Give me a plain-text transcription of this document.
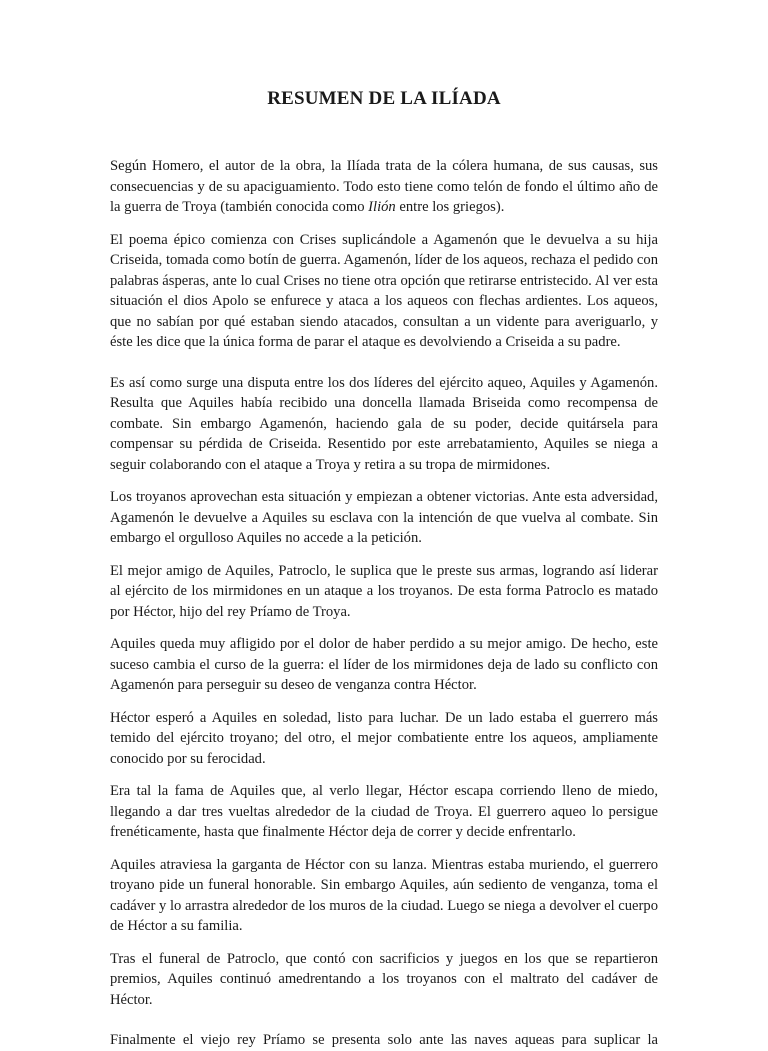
RESUMEN DE LA ILÍADA

Según Homero, el autor de la obra, la Ilíada trata de la cólera humana, de sus causas, sus consecuencias y de su apaciguamiento. Todo esto tiene como telón de fondo el último año de la guerra de Troya (también conocida como Ilión entre los griegos).

El poema épico comienza con Crises suplicándole a Agamenón que le devuelva a su hija Criseida, tomada como botín de guerra. Agamenón, líder de los aqueos, rechaza el pedido con palabras ásperas, ante lo cual Crises no tiene otra opción que retirarse entristecido. Al ver esta situación el dios Apolo se enfurece y ataca a los aqueos con flechas ardientes. Los aqueos, que no sabían por qué estaban siendo atacados, consultan a un vidente para averiguarlo, y éste les dice que la única forma de parar el ataque es devolviendo a Criseida a su padre.

Es así como surge una disputa entre los dos líderes del ejército aqueo, Aquiles y Agamenón. Resulta que Aquiles había recibido una doncella llamada Briseida como recompensa de combate. Sin embargo Agamenón, haciendo gala de su poder, decide quitársela para compensar su pérdida de Criseida. Resentido por este arrebatamiento, Aquiles se niega a seguir colaborando con el ataque a Troya y retira a su tropa de mirmidones.

Los troyanos aprovechan esta situación y empiezan a obtener victorias. Ante esta adversidad, Agamenón le devuelve a Aquiles su esclava con la intención de que vuelva al combate. Sin embargo el orgulloso Aquiles no accede a la petición.

El mejor amigo de Aquiles, Patroclo, le suplica que le preste sus armas, logrando así liderar al ejército de los mirmidones en un ataque a los troyanos. De esta forma Patroclo es matado por Héctor, hijo del rey Príamo de Troya.

Aquiles queda muy afligido por el dolor de haber perdido a su mejor amigo. De hecho, este suceso cambia el curso de la guerra: el líder de los mirmidones deja de lado su conflicto con Agamenón para perseguir su deseo de venganza contra Héctor.

Héctor esperó a Aquiles en soledad, listo para luchar. De un lado estaba el guerrero más temido del ejército troyano; del otro, el mejor combatiente entre los aqueos, ampliamente conocido por su ferocidad.

Era tal la fama de Aquiles que, al verlo llegar, Héctor escapa corriendo lleno de miedo, llegando a dar tres vueltas alrededor de la ciudad de Troya. El guerrero aqueo lo persigue frenéticamente, hasta que finalmente Héctor deja de correr y decide enfrentarlo.

Aquiles atraviesa la garganta de Héctor con su lanza. Mientras estaba muriendo, el guerrero troyano pide un funeral honorable. Sin embargo Aquiles, aún sediento de venganza, toma el cadáver y lo arrastra alrededor de los muros de la ciudad. Luego se niega a devolver el cuerpo de Héctor a su familia.

Tras el funeral de Patroclo, que contó con sacrificios y juegos en los que se repartieron premios, Aquiles continuó amedrentando a los troyanos con el maltrato del cadáver de Héctor.

Finalmente el viejo rey Príamo se presenta solo ante las naves aqueas para suplicar la
